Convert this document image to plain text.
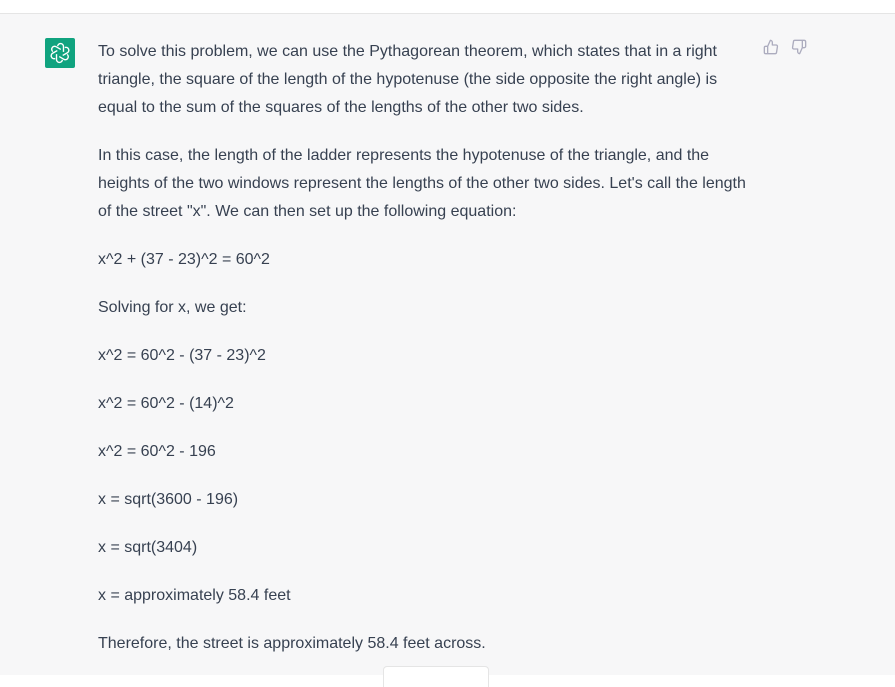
To solve this problem, we can use the Pythagorean theorem, which states that in a right triangle, the square of the length of the hypotenuse (the side opposite the right angle) is equal to the sum of the squares of the lengths of the other two sides.

In this case, the length of the ladder represents the hypotenuse of the triangle, and the heights of the two windows represent the lengths of the other two sides. Let's call the length of the street "x". We can then set up the following equation:

x^2 + (37 - 23)^2 = 60^2

Solving for x, we get:

x^2 = 60^2 - (37 - 23)^2

x^2 = 60^2 - (14)^2

x^2 = 60^2 - 196

x = sqrt(3600 - 196)

x = sqrt(3404)

x = approximately 58.4 feet

Therefore, the street is approximately 58.4 feet across.
